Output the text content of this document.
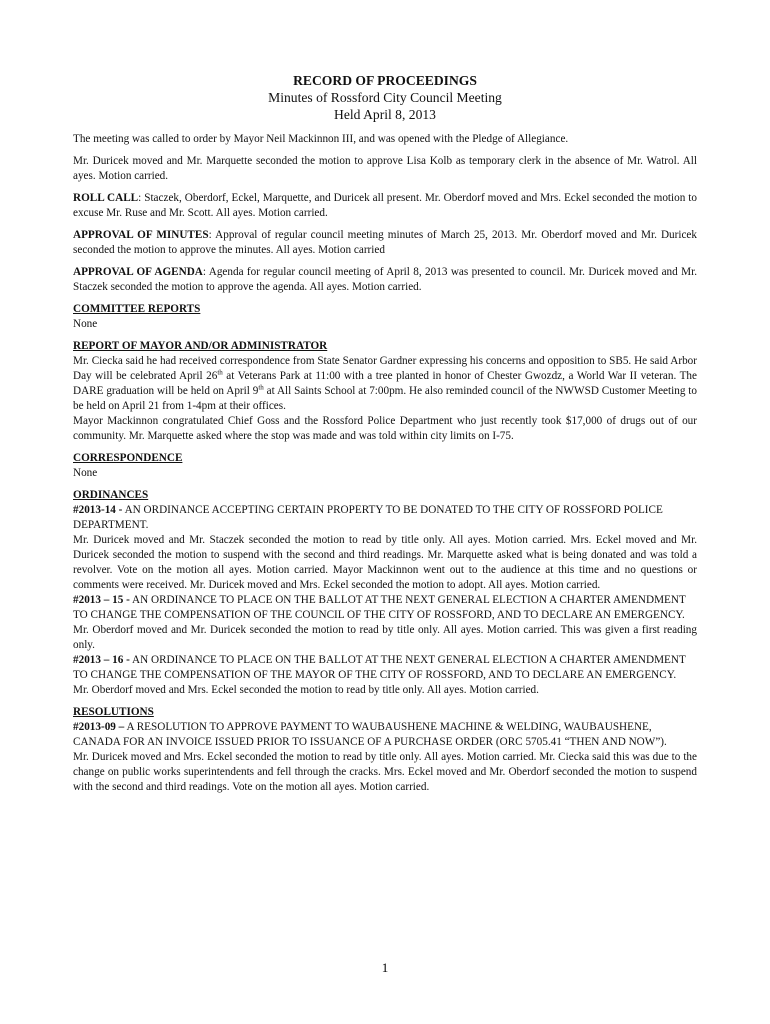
RECORD OF PROCEEDINGS
Minutes of Rossford City Council Meeting
Held April 8, 2013

The meeting was called to order by Mayor Neil Mackinnon III, and was opened with the Pledge of Allegiance.

Mr. Duricek moved and Mr. Marquette seconded the motion to approve Lisa Kolb as temporary clerk in the absence of Mr. Watrol. All ayes. Motion carried.

ROLL CALL: Staczek, Oberdorf, Eckel, Marquette, and Duricek all present. Mr. Oberdorf moved and Mrs. Eckel seconded the motion to excuse Mr. Ruse and Mr. Scott. All ayes. Motion carried.

APPROVAL OF MINUTES: Approval of regular council meeting minutes of March 25, 2013. Mr. Oberdorf moved and Mr. Duricek seconded the motion to approve the minutes. All ayes. Motion carried

APPROVAL OF AGENDA: Agenda for regular council meeting of April 8, 2013 was presented to council. Mr. Duricek moved and Mr. Staczek seconded the motion to approve the agenda. All ayes. Motion carried.

COMMITTEE REPORTS
None
REPORT OF MAYOR AND/OR ADMINISTRATOR
Mr. Ciecka said he had received correspondence from State Senator Gardner expressing his concerns and opposition to SB5. He said Arbor Day will be celebrated April 26th at Veterans Park at 11:00 with a tree planted in honor of Chester Gwozdz, a World War II veteran. The DARE graduation will be held on April 9th at All Saints School at 7:00pm. He also reminded council of the NWWSD Customer Meeting to be held on April 21 from 1-4pm at their offices.
Mayor Mackinnon congratulated Chief Goss and the Rossford Police Department who just recently took $17,000 of drugs out of our community. Mr. Marquette asked where the stop was made and was told within city limits on I-75.
CORRESPONDENCE
None
ORDINANCES
#2013-14 - AN ORDINANCE ACCEPTING CERTAIN PROPERTY TO BE DONATED TO THE CITY OF ROSSFORD POLICE DEPARTMENT.
Mr. Duricek moved and Mr. Staczek seconded the motion to read by title only. All ayes. Motion carried. Mrs. Eckel moved and Mr. Duricek seconded the motion to suspend with the second and third readings. Mr. Marquette asked what is being donated and was told a revolver. Vote on the motion all ayes. Motion carried. Mayor Mackinnon went out to the audience at this time and no questions or comments were received. Mr. Duricek moved and Mrs. Eckel seconded the motion to adopt. All ayes. Motion carried.
#2013 – 15 - AN ORDINANCE TO PLACE ON THE BALLOT AT THE NEXT GENERAL ELECTION A CHARTER AMENDMENT TO CHANGE THE COMPENSATION OF THE COUNCIL OF THE CITY OF ROSSFORD, AND TO DECLARE AN EMERGENCY.
Mr. Oberdorf moved and Mr. Duricek seconded the motion to read by title only. All ayes. Motion carried. This was given a first reading only.
#2013 – 16 - AN ORDINANCE TO PLACE ON THE BALLOT AT THE NEXT GENERAL ELECTION A CHARTER AMENDMENT TO CHANGE THE COMPENSATION OF THE MAYOR OF THE CITY OF ROSSFORD, AND TO DECLARE AN EMERGENCY.
Mr. Oberdorf moved and Mrs. Eckel seconded the motion to read by title only. All ayes. Motion carried.
RESOLUTIONS
#2013-09 – A RESOLUTION TO APPROVE PAYMENT TO WAUBAUSHENE MACHINE & WELDING, WAUBAUSHENE, CANADA FOR AN INVOICE ISSUED PRIOR TO ISSUANCE OF A PURCHASE ORDER (ORC 5705.41 “THEN AND NOW”).
Mr. Duricek moved and Mrs. Eckel seconded the motion to read by title only. All ayes. Motion carried. Mr. Ciecka said this was due to the change on public works superintendents and fell through the cracks. Mrs. Eckel moved and Mr. Oberdorf seconded the motion to suspend with the second and third readings. Vote on the motion all ayes. Motion carried.
1
